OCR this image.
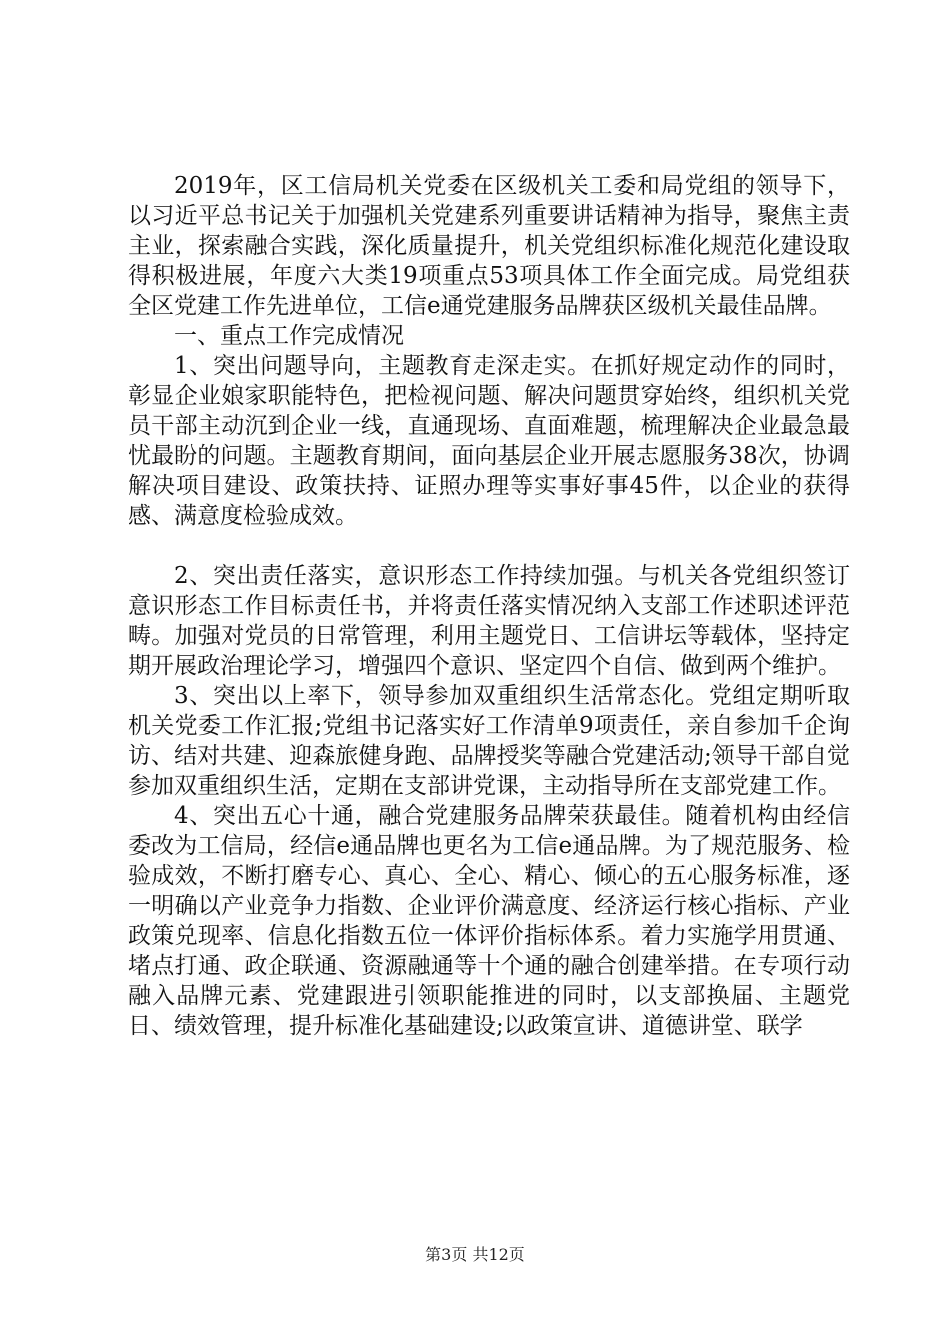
2019年，区工信局机关党委在区级机关工委和局党组的领导下，以习近平总书记关于加强机关党建系列重要讲话精神为指导，聚焦主责主业，探索融合实践，深化质量提升，机关党组织标准化规范化建设取得积极进展，年度六大类19项重点53项具体工作全面完成。局党组获全区党建工作先进单位，工信e通党建服务品牌获区级机关最佳品牌。

一、重点工作完成情况

1、突出问题导向，主题教育走深走实。在抓好规定动作的同时，彰显企业娘家职能特色，把检视问题、解决问题贯穿始终，组织机关党员干部主动沉到企业一线，直通现场、直面难题，梳理解决企业最急最忧最盼的问题。主题教育期间，面向基层企业开展志愿服务38次，协调解决项目建设、政策扶持、证照办理等实事好事45件，以企业的获得感、满意度检验成效。

2、突出责任落实，意识形态工作持续加强。与机关各党组织签订意识形态工作目标责任书，并将责任落实情况纳入支部工作述职述评范畴。加强对党员的日常管理，利用主题党日、工信讲坛等载体，坚持定期开展政治理论学习，增强四个意识、坚定四个自信、做到两个维护。

3、突出以上率下，领导参加双重组织生活常态化。党组定期听取机关党委工作汇报;党组书记落实好工作清单9项责任，亲自参加千企询访、结对共建、迎森旅健身跑、品牌授奖等融合党建活动;领导干部自觉参加双重组织生活，定期在支部讲党课，主动指导所在支部党建工作。

4、突出五心十通，融合党建服务品牌荣获最佳。随着机构由经信委改为工信局，经信e通品牌也更名为工信e通品牌。为了规范服务、检验成效，不断打磨专心、真心、全心、精心、倾心的五心服务标准，逐一明确以产业竞争力指数、企业评价满意度、经济运行核心指标、产业政策兑现率、信息化指数五位一体评价指标体系。着力实施学用贯通、堵点打通、政企联通、资源融通等十个通的融合创建举措。在专项行动融入品牌元素、党建跟进引领职能推进的同时，以支部换届、主题党日、绩效管理，提升标准化基础建设;以政策宣讲、道德讲堂、联学

第3页 共12页
